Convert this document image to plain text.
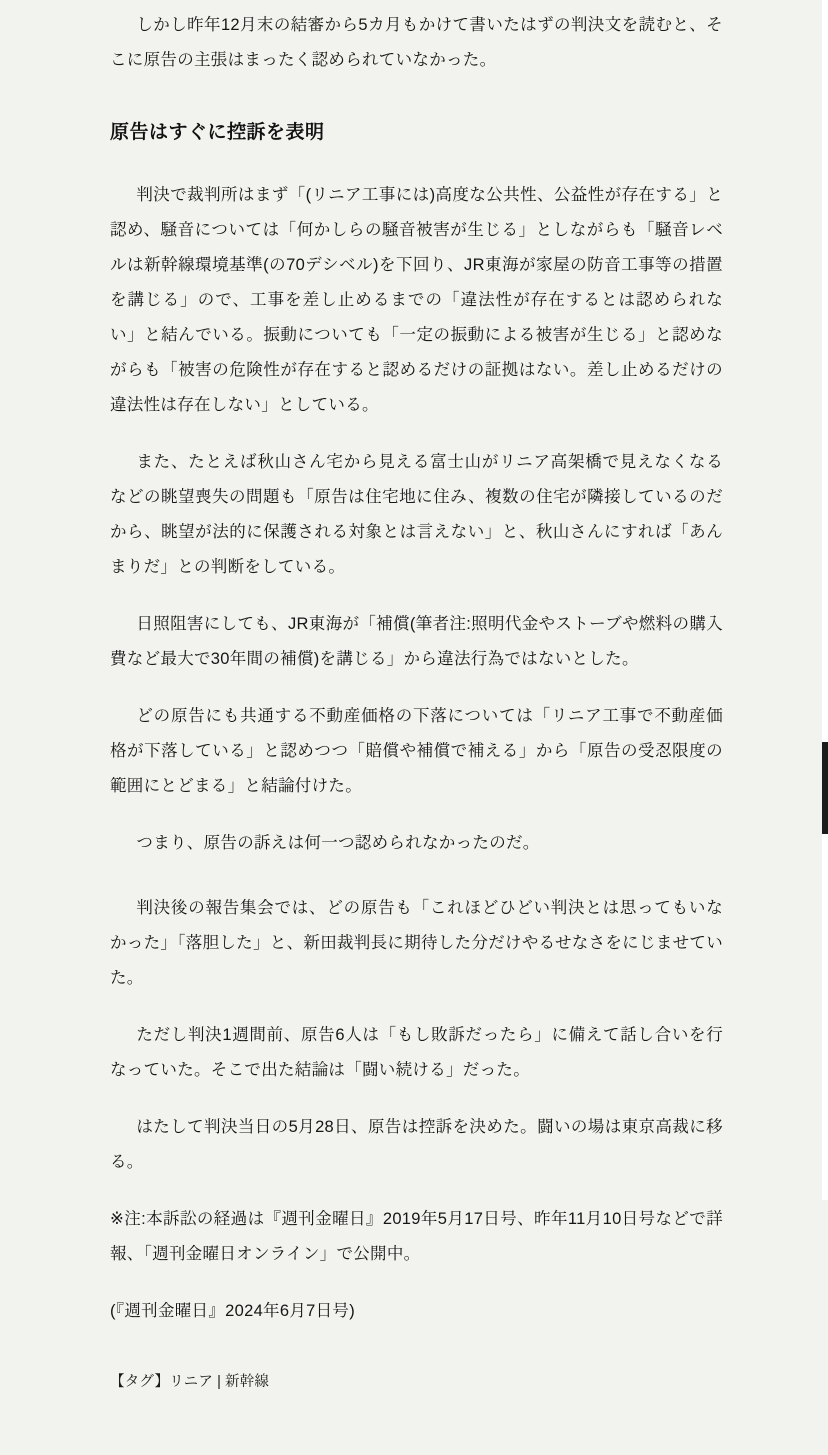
しかし昨年12月末の結審から5カ月もかけて書いたはずの判決文を読むと、そこに原告の主張はまったく認められていなかった。

原告はすぐに控訴を表明

判決で裁判所はまず「(リニア工事には)高度な公共性、公益性が存在する」と認め、騒音については「何かしらの騒音被害が生じる」としながらも「騒音レベルは新幹線環境基準(の70デシベル)を下回り、JR東海が家屋の防音工事等の措置を講じる」ので、工事を差し止めるまでの「違法性が存在するとは認められない」と結んでいる。振動についても「一定の振動による被害が生じる」と認めながらも「被害の危険性が存在すると認めるだけの証拠はない。差し止めるだけの違法性は存在しない」としている。

また、たとえば秋山さん宅から見える富士山がリニア高架橋で見えなくなるなどの眺望喪失の問題も「原告は住宅地に住み、複数の住宅が隣接しているのだから、眺望が法的に保護される対象とは言えない」と、秋山さんにすれば「あんまりだ」との判断をしている。

日照阻害にしても、JR東海が「補償(筆者注:照明代金やストーブや燃料の購入費など最大で30年間の補償)を講じる」から違法行為ではないとした。

どの原告にも共通する不動産価格の下落については「リニア工事で不動産価格が下落している」と認めつつ「賠償や補償で補える」から「原告の受忍限度の範囲にとどまる」と結論付けた。

つまり、原告の訴えは何一つ認められなかったのだ。

判決後の報告集会では、どの原告も「これほどひどい判決とは思ってもいなかった」「落胆した」と、新田裁判長に期待した分だけやるせなさをにじませていた。

ただし判決1週間前、原告6人は「もし敗訴だったら」に備えて話し合いを行なっていた。そこで出た結論は「闘い続ける」だった。

はたして判決当日の5月28日、原告は控訴を決めた。闘いの場は東京高裁に移る。

※注:本訴訟の経過は『週刊金曜日』2019年5月17日号、昨年11月10日号などで詳報、「週刊金曜日オンライン」で公開中。

(『週刊金曜日』2024年6月7日号)

【タグ】リニア | 新幹線
